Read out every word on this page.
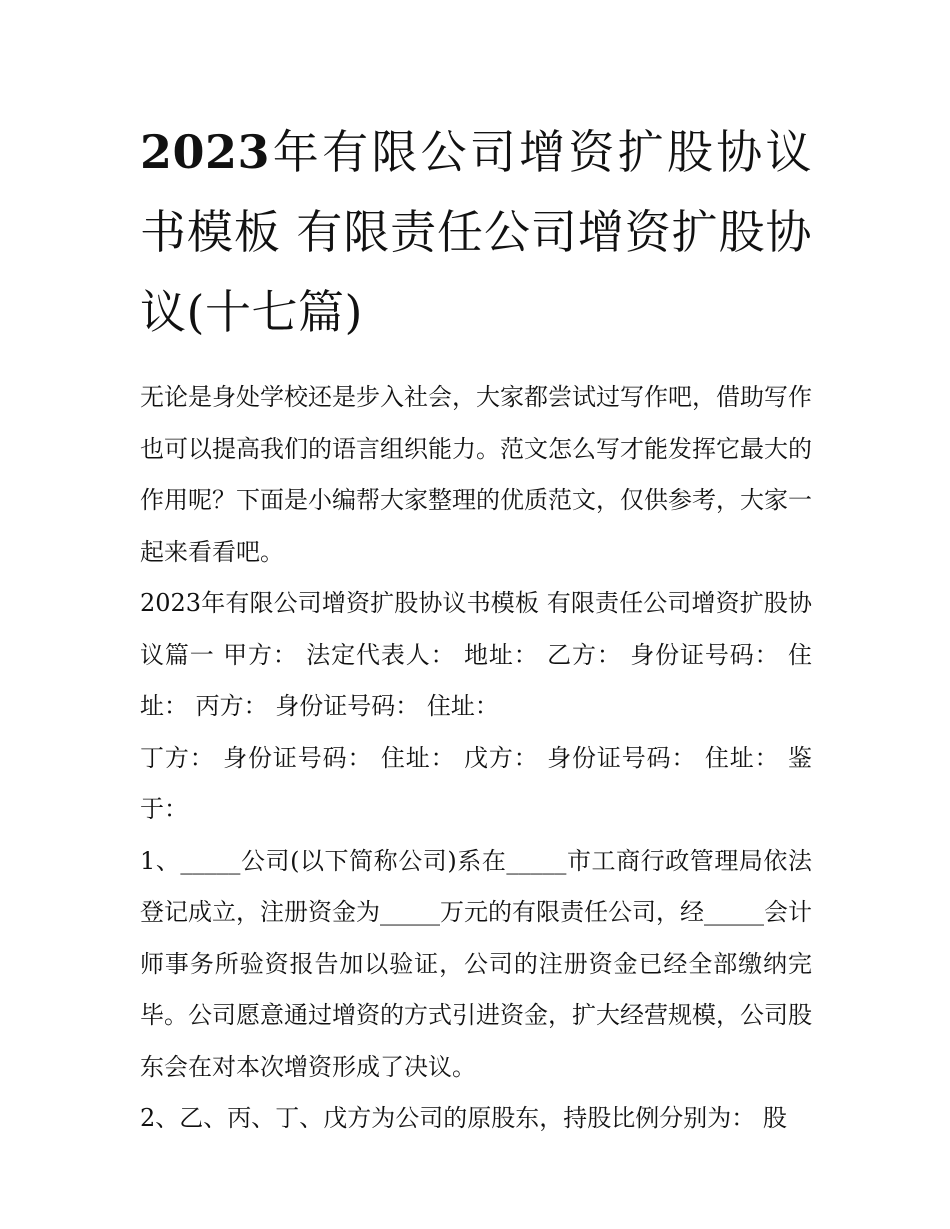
2023年有限公司增资扩股协议书模板 有限责任公司增资扩股协议(十七篇)

无论是身处学校还是步入社会，大家都尝试过写作吧，借助写作也可以提高我们的语言组织能力。范文怎么写才能发挥它最大的作用呢？下面是小编帮大家整理的优质范文，仅供参考，大家一起来看看吧。

2023年有限公司增资扩股协议书模板 有限责任公司增资扩股协议篇一 甲方： 法定代表人： 地址： 乙方： 身份证号码： 住址： 丙方： 身份证号码： 住址：

丁方： 身份证号码： 住址： 戊方： 身份证号码： 住址： 鉴于：

1、_____公司(以下简称公司)系在_____市工商行政管理局依法登记成立，注册资金为_____万元的有限责任公司，经_____会计师事务所验资报告加以验证，公司的注册资金已经全部缴纳完毕。公司愿意通过增资的方式引进资金，扩大经营规模，公司股东会在对本次增资形成了决议。

2、乙、丙、丁、戊方为公司的原股东，持股比例分别为： 股
